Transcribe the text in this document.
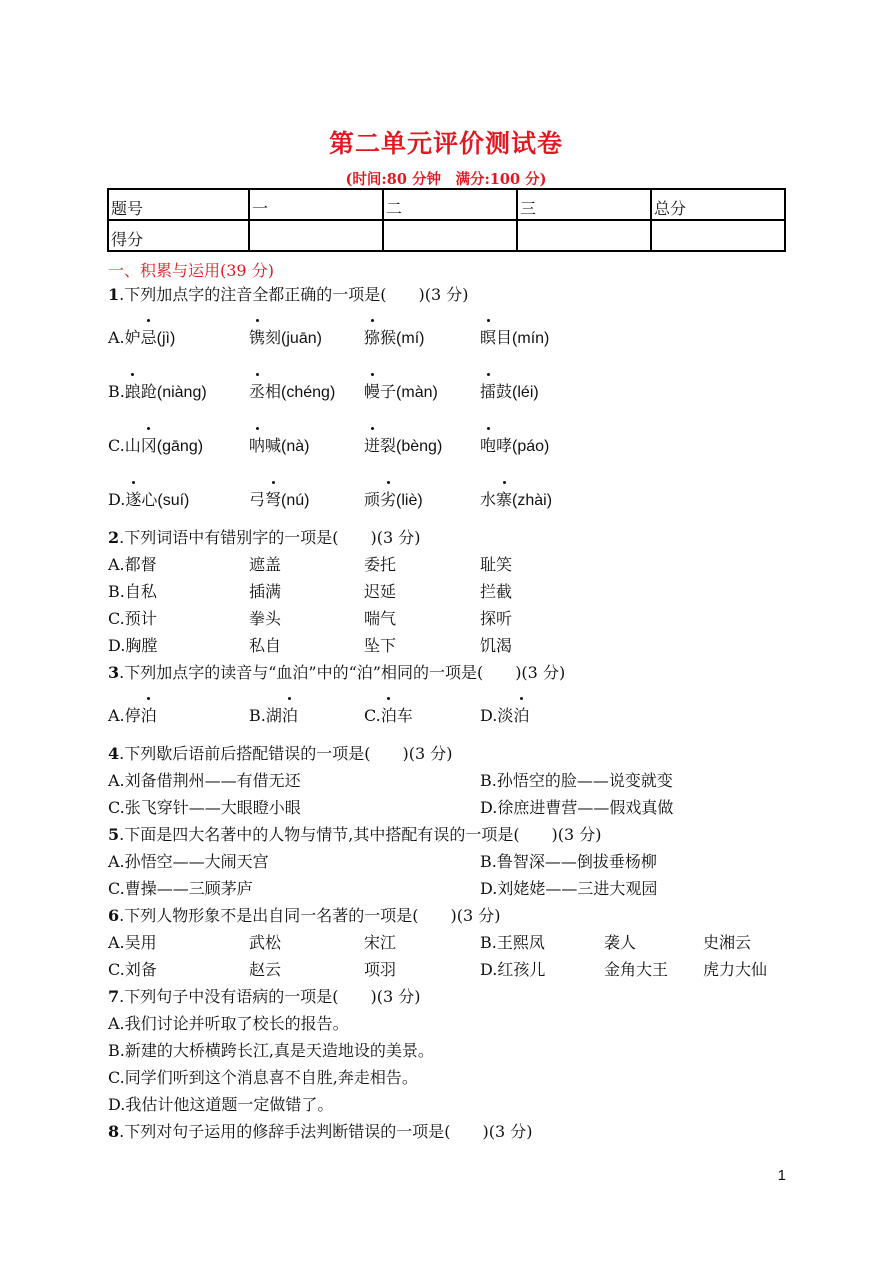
第二单元评价测试卷
(时间:80 分钟　满分:100 分)
题号	一	二	三	总分
得分				
一、积累与运用(39 分)
1.下列加点字的注音全都正确的一项是(　　)(3 分)
A.妒忌(jì)	镌刻(juān)	猕猴(mí)	瞑目(mín)
B.踉跄(niàng)	丞相(chéng) 幔子(màn)	擂鼓(léi)
C.山冈(gāng)	呐喊(nà)	迸裂(bèng) 咆哮(páo)
D.遂心(suí)	弓弩(nú)	顽劣(liè)	水寨(zhài)
2.下列词语中有错别字的一项是(　　)(3 分)
A.都督	遮盖	委托	耻笑
B.自私	插满	迟延	拦截
C.预计	拳头	喘气	探听
D.胸膛	私自	坠下	饥渴
3.下列加点字的读音与“血泊”中的“泊”相同的一项是(　　)(3 分)
A.停泊	B.湖泊	C.泊车	D.淡泊
4.下列歇后语前后搭配错误的一项是(　　)(3 分)
A.刘备借荆州——有借无还	B.孙悟空的脸——说变就变
C.张飞穿针——大眼瞪小眼	D.徐庶进曹营——假戏真做
5.下面是四大名著中的人物与情节,其中搭配有误的一项是(　　)(3 分)
A.孙悟空——大闹天宫	B.鲁智深——倒拔垂杨柳
C.曹操——三顾茅庐	D.刘姥姥——三进大观园
6.下列人物形象不是出自同一名著的一项是(　　)(3 分)
A.吴用	武松	宋江	B.王熙凤	袭人	史湘云
C.刘备	赵云	项羽	D.红孩儿	金角大王 虎力大仙
7.下列句子中没有语病的一项是(　　)(3 分)
A.我们讨论并听取了校长的报告。
B.新建的大桥横跨长江,真是天造地设的美景。
C.同学们听到这个消息喜不自胜,奔走相告。
D.我估计他这道题一定做错了。
8.下列对句子运用的修辞手法判断错误的一项是(　　)(3 分)
1
